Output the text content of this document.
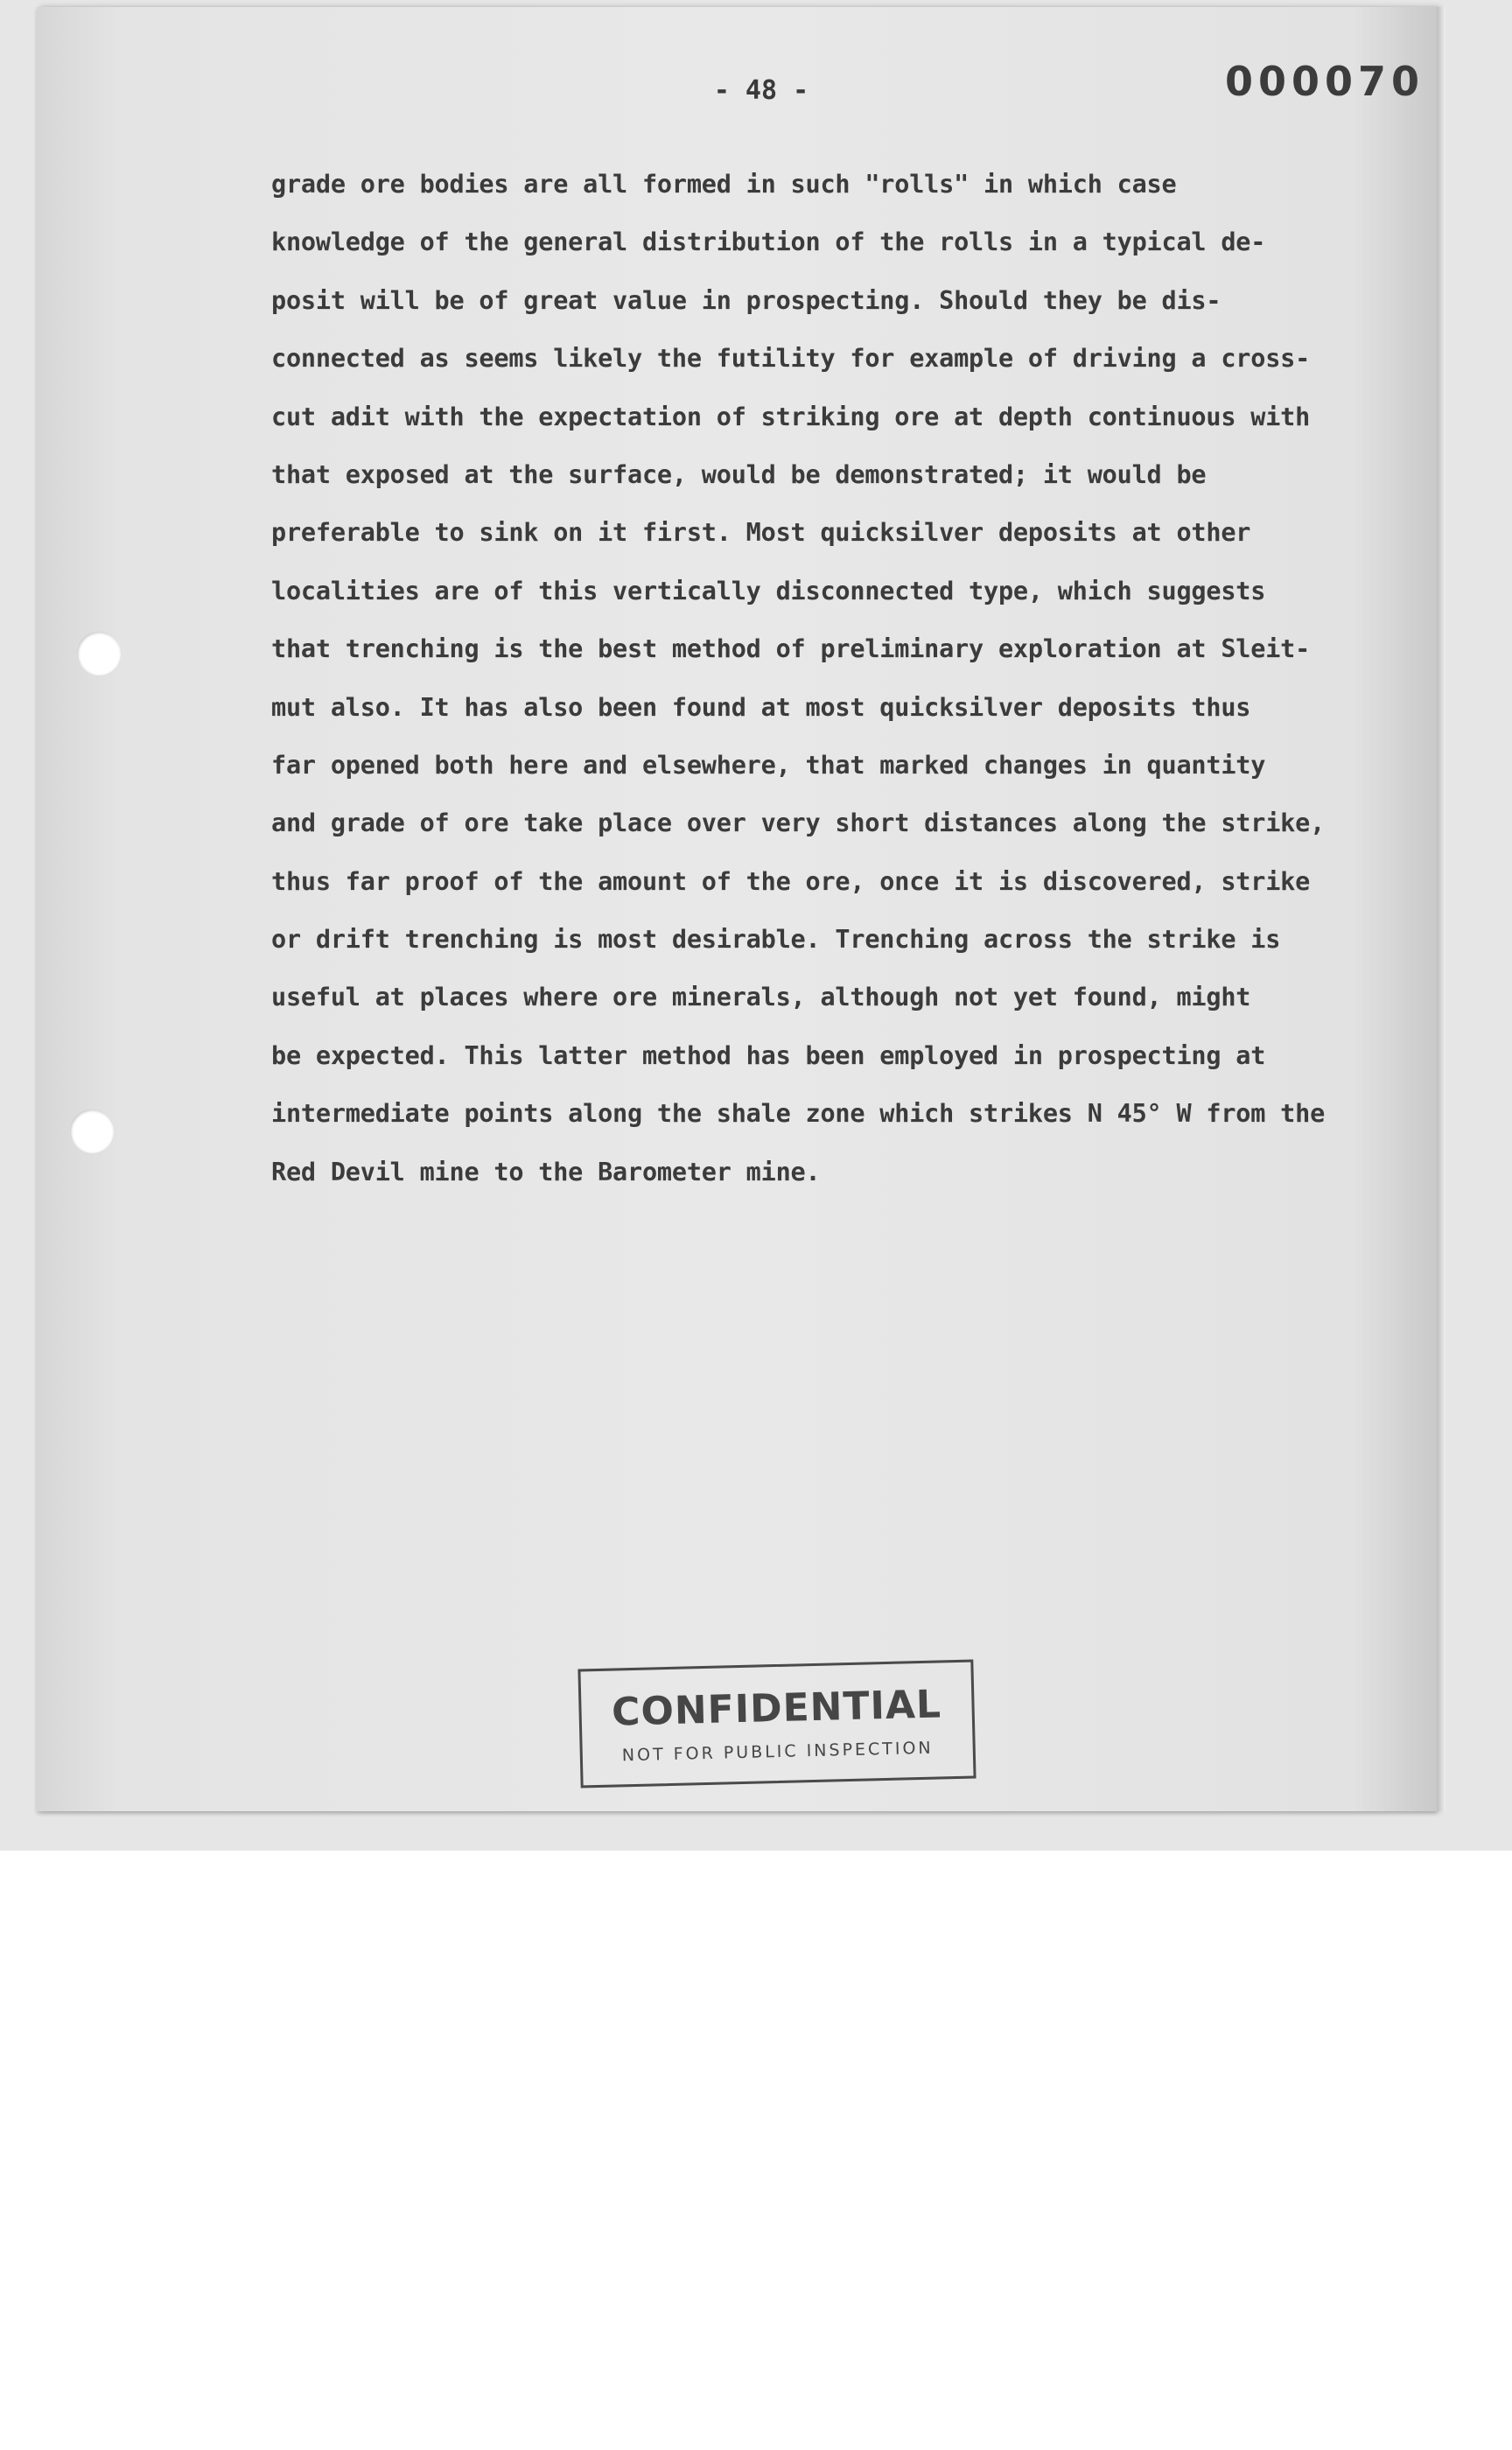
- 48 -	000070
grade ore bodies are all formed in such "rolls" in which case
knowledge of the general distribution of the rolls in a typical de-
posit will be of great value in prospecting. Should they be dis-
connected as seems likely the futility for example of driving a cross-
cut adit with the expectation of striking ore at depth continuous with
that exposed at the surface, would be demonstrated; it would be
preferable to sink on it first. Most quicksilver deposits at other
localities are of this vertically disconnected type, which suggests
that trenching is the best method of preliminary exploration at Sleit-
mut also. It has also been found at most quicksilver deposits thus
far opened both here and elsewhere, that marked changes in quantity
and grade of ore take place over very short distances along the strike,
thus far proof of the amount of the ore, once it is discovered, strike
or drift trenching is most desirable. Trenching across the strike is
useful at places where ore minerals, although not yet found, might
be expected. This latter method has been employed in prospecting at
intermediate points along the shale zone which strikes N 45° W from the
Red Devil mine to the Barometer mine.
CONFIDENTIAL
NOT FOR PUBLIC INSPECTION
